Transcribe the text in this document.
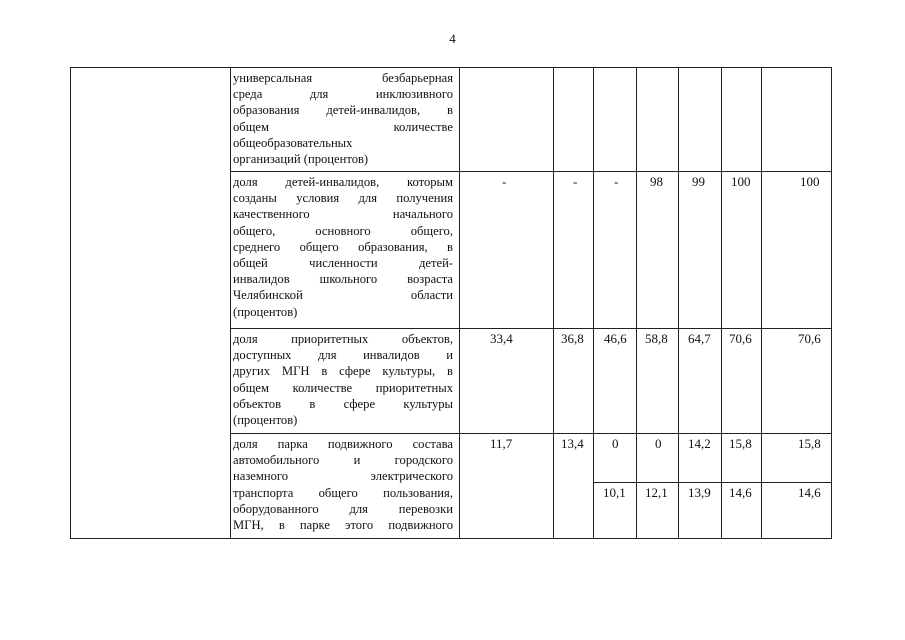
4
универсальная безбарьерная
среда для инклюзивного
образования детей-инвалидов, в
общем количестве
общеобразовательных
организаций (процентов)
доля детей-инвалидов, которым
созданы условия для получения
качественного начального
общего, основного общего,
среднего общего образования, в
общей численности детей-
инвалидов школьного возраста
Челябинской области
(процентов)
-	-	- 98 99 100	100
доля приоритетных объектов,
доступных для инвалидов и
других МГН в сфере культуры, в
общем количестве приоритетных
объектов в сфере культуры
(процентов)
33,4	36,8 46,6 58,8 64,7 70,6	70,6
доля парка подвижного состава
автомобильного и городского
наземного электрического
транспорта общего пользования,
оборудованного для перевозки
МГН, в парке этого подвижного
11,7	13,4 0	0 14,2 15,8	15,8
10,1 12,1 13,9 14,6	14,6
